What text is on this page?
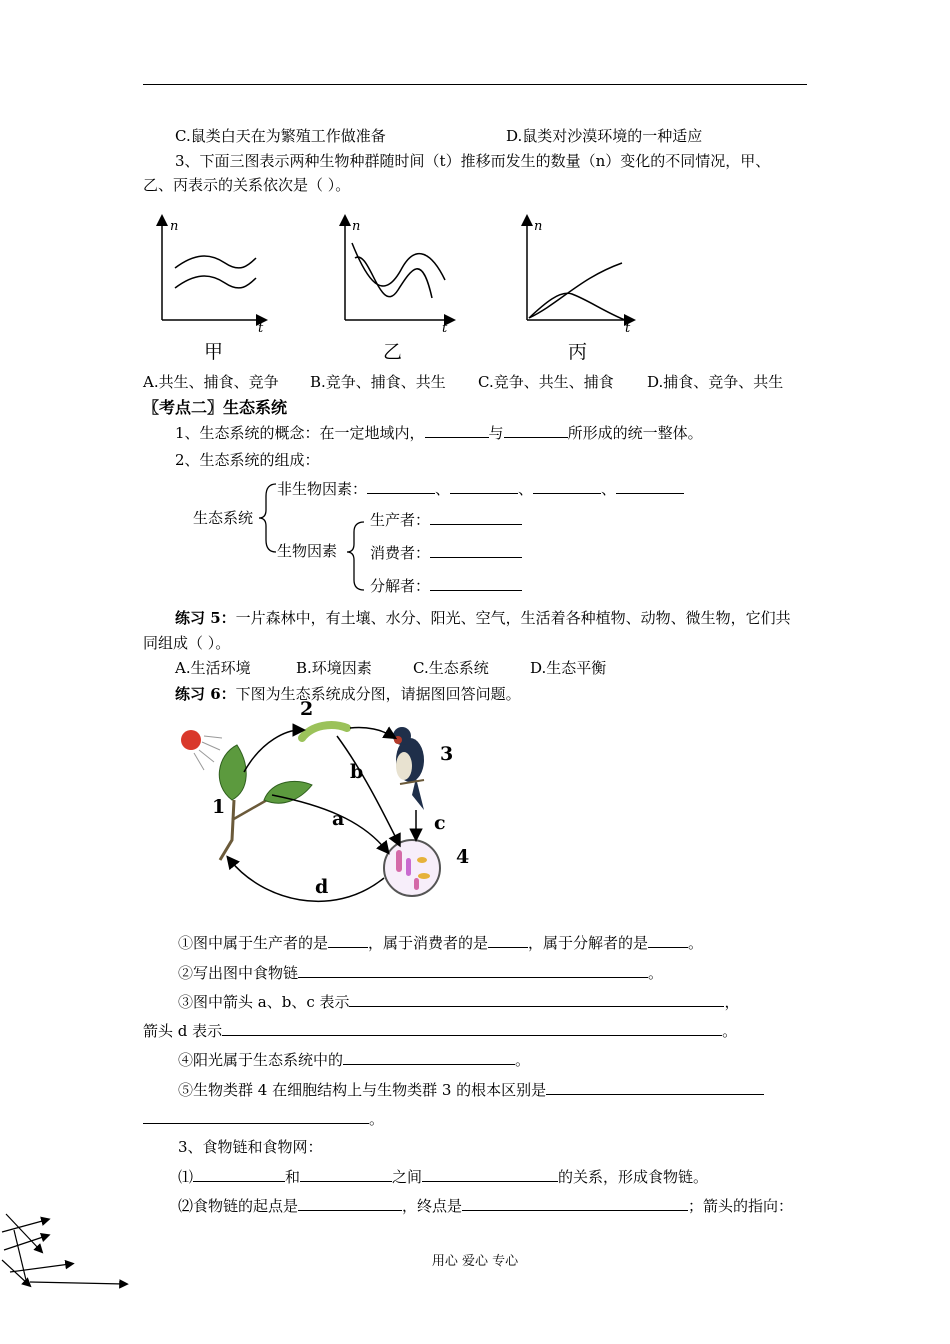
C.鼠类白天在为繁殖工作做准备	D.鼠类对沙漠环境的一种适应
3、下面三图表示两种生物种群随时间（t）推移而发生的数量（n）变化的不同情况，甲、
乙、丙表示的关系依次是（ ）。
n
t
甲
n
t
乙
n
t
丙
A.共生、捕食、竞争 B.竞争、捕食、共生 C.竞争、共生、捕食 D.捕食、竞争、共生
〖考点二〗生态系统
1、生态系统的概念：在一定地域内，	与	所形成的统一整体。
2、生态系统的组成：
生态系统
非生物因素：	、	、	、
生物因素
生产者：
消费者：
分解者：
练习 5：一片森林中，有土壤、水分、阳光、空气，生活着各种植物、动物、微生物，它们共
同组成（ ）。
A.生活环境	B.环境因素	C.生态系统	D.生态平衡
练习 6：下图为生态系统成分图，请据图回答问题。
1
2
3
4
a
b
c
d
①图中属于生产者的是	，属于消费者的是	，属于分解者的是	。
②写出图中食物链	。
③图中箭头 a、b、c 表示	，
箭头 d 表示	。
④阳光属于生态系统中的	。
⑤生物类群 4 在细胞结构上与生物类群 3 的根本区别是
。
3、食物链和食物网：
⑴	和	之间	的关系，形成食物链。
⑵食物链的起点是	，终点是	；箭头的指向：
用心 爱心 专心
